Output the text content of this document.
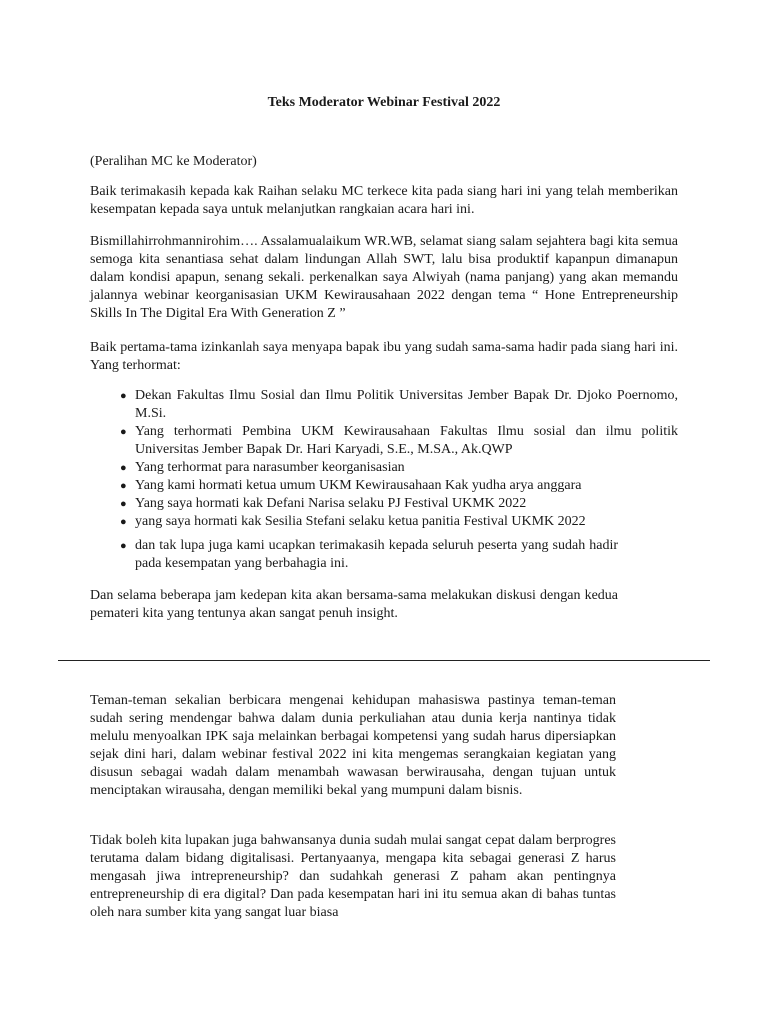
Teks Moderator Webinar Festival 2022
(Peralihan MC ke Moderator)
Baik terimakasih kepada kak Raihan selaku MC terkece kita pada siang hari ini yang telah memberikan kesempatan kepada saya untuk melanjutkan rangkaian acara hari ini.
Bismillahirrohmannirohim…. Assalamualaikum WR.WB, selamat siang salam sejahtera bagi kita semua semoga kita senantiasa sehat dalam lindungan Allah SWT, lalu bisa produktif kapanpun dimanapun dalam kondisi apapun, senang sekali. perkenalkan saya Alwiyah (nama panjang) yang akan memandu jalannya webinar keorganisasian UKM Kewirausahaan 2022 dengan tema “ Hone Entrepreneurship Skills In The Digital Era With Generation Z ”
Baik pertama-tama izinkanlah saya menyapa bapak ibu yang sudah sama-sama hadir pada siang hari ini. Yang terhormat:
● Dekan Fakultas Ilmu Sosial dan Ilmu Politik Universitas Jember Bapak Dr. Djoko Poernomo, M.Si.
● Yang terhormati Pembina UKM Kewirausahaan Fakultas Ilmu sosial dan ilmu politik Universitas Jember Bapak Dr. Hari Karyadi, S.E., M.SA., Ak.QWP
● Yang terhormat para narasumber keorganisasian
● Yang kami hormati ketua umum UKM Kewirausahaan Kak yudha arya anggara
● Yang saya hormati kak Defani Narisa selaku PJ Festival UKMK 2022
● yang saya hormati kak Sesilia Stefani selaku ketua panitia Festival UKMK 2022
● dan tak lupa juga kami ucapkan terimakasih kepada seluruh peserta yang sudah hadir pada kesempatan yang berbahagia ini.
Dan selama beberapa jam kedepan kita akan bersama-sama melakukan diskusi dengan kedua pemateri kita yang tentunya akan sangat penuh insight.
Teman-teman sekalian berbicara mengenai kehidupan mahasiswa pastinya teman-teman sudah sering mendengar bahwa dalam dunia perkuliahan atau dunia kerja nantinya tidak melulu menyoalkan IPK saja melainkan berbagai kompetensi yang sudah harus dipersiapkan sejak dini hari, dalam webinar festival 2022 ini kita mengemas serangkaian kegiatan yang disusun sebagai wadah dalam menambah wawasan berwirausaha, dengan tujuan untuk menciptakan wirausaha, dengan memiliki bekal yang mumpuni dalam bisnis.
Tidak boleh kita lupakan juga bahwansanya dunia sudah mulai sangat cepat dalam berprogres terutama dalam bidang digitalisasi. Pertanyaanya, mengapa kita sebagai generasi Z harus mengasah jiwa intrepreneurship? dan sudahkah generasi Z paham akan pentingnya entrepreneurship di era digital? Dan pada kesempatan hari ini itu semua akan di bahas tuntas oleh nara sumber kita yang sangat luar biasa
